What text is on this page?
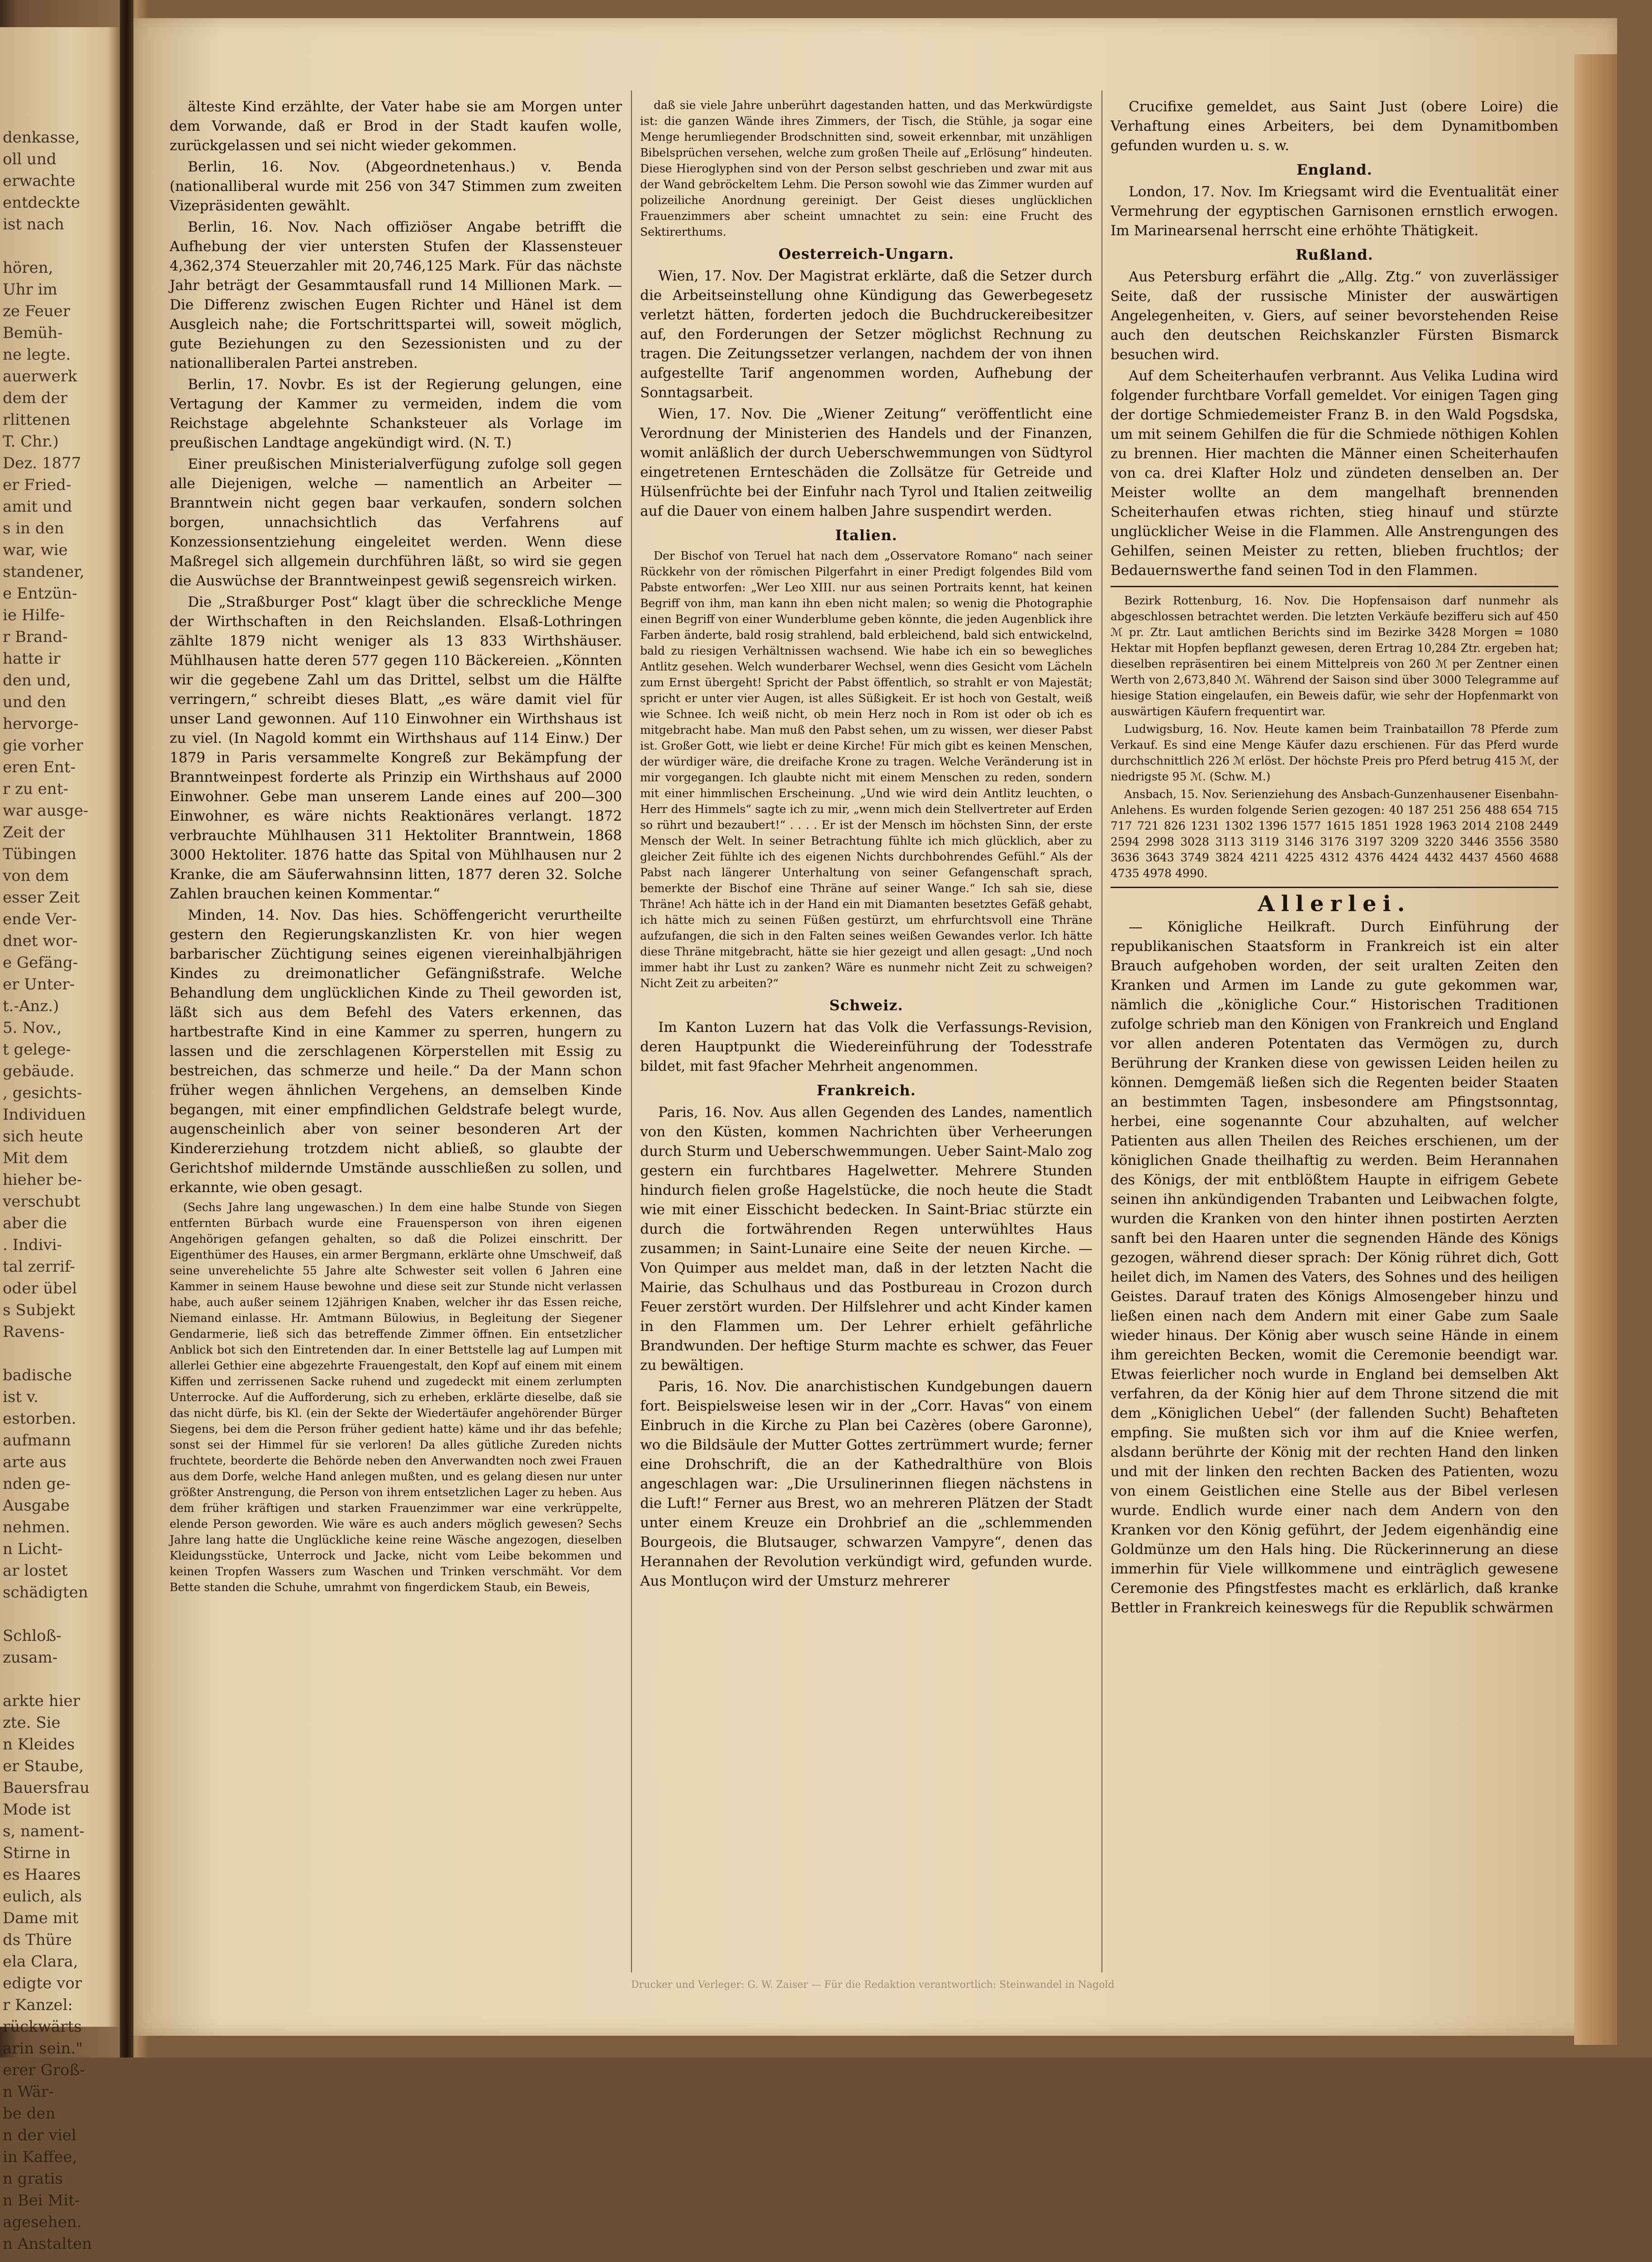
denkasse,
oll und
erwachte
entdeckte
ist nach

hören,
Uhr im
ze Feuer
Bemüh-
ne legte.
auerwerk
dem der
rlittenen
T. Chr.)
Dez. 1877
er Fried-
amit und
s in den
war, wie
standener,
e Entzün-
ie Hilfe-
r Brand-
hatte ir
den und,
und den
hervorge-
gie vorher
eren Ent-
r zu ent-
war ausge-
Zeit der
Tübingen
von dem
esser Zeit
ende Ver-
dnet wor-
e Gefäng-
er Unter-
t.-Anz.)
5. Nov.,
t gelege-
gebäude.
, gesichts-
Individuen
sich heute
Mit dem
hieher be-
verschubt
aber die
. Indivi-
tal zerrif-
oder übel
s Subjekt
Ravens-

badische
ist v.
estorben.
aufmann
arte aus
nden ge-
Ausgabe
nehmen.
n Licht-
ar lostet
schädigten

Schloß-
zusam-

arkte hier
zte. Sie
n Kleides
er Staube,
Bauersfrau
Mode ist
s, nament-
Stirne in
es Haares
eulich, als
Dame mit
ds Thüre
ela Clara,
edigte vor
r Kanzel:
rückwärts
arin sein."
erer Groß-
n Wär-
be den
n der viel
in Kaffee,
n gratis
n Bei Mit-
agesehen.
n Anstalten

älteste Kind erzählte, der Vater habe sie am Morgen unter dem Vorwande, daß er Brod in der Stadt kaufen wolle, zurückgelassen und sei nicht wieder gekommen.

Berlin, 16. Nov. (Abgeordnetenhaus.) v. Benda (nationalliberal wurde mit 256 von 347 Stimmen zum zweiten Vizepräsidenten gewählt.

Berlin, 16. Nov. Nach offiziöser Angabe betrifft die Aufhebung der vier untersten Stufen der Klassensteuer 4,362,374 Steuerzahler mit 20,746,125 Mark. Für das nächste Jahr beträgt der Gesammtausfall rund 14 Millionen Mark. — Die Differenz zwischen Eugen Richter und Hänel ist dem Ausgleich nahe; die Fortschrittspartei will, soweit möglich, gute Beziehungen zu den Sezessionisten und zu der nationalliberalen Partei anstreben.

Berlin, 17. Novbr. Es ist der Regierung gelungen, eine Vertagung der Kammer zu vermeiden, indem die vom Reichstage abgelehnte Schanksteuer als Vorlage im preußischen Landtage angekündigt wird. (N. T.)

Einer preußischen Ministerialverfügung zufolge soll gegen alle Diejenigen, welche — namentlich an Arbeiter — Branntwein nicht gegen baar verkaufen, sondern solchen borgen, unnachsichtlich das Verfahrens auf Konzessionsentziehung eingeleitet werden. Wenn diese Maßregel sich allgemein durchführen läßt, so wird sie gegen die Auswüchse der Branntweinpest gewiß segensreich wirken.

Die „Straßburger Post“ klagt über die schreckliche Menge der Wirthschaften in den Reichslanden. Elsaß-Lothringen zählte 1879 nicht weniger als 13 833 Wirthshäuser. Mühlhausen hatte deren 577 gegen 110 Bäckereien. „Könnten wir die gegebene Zahl um das Drittel, selbst um die Hälfte verringern,“ schreibt dieses Blatt, „es wäre damit viel für unser Land gewonnen. Auf 110 Einwohner ein Wirthshaus ist zu viel. (In Nagold kommt ein Wirthshaus auf 114 Einw.) Der 1879 in Paris versammelte Kongreß zur Bekämpfung der Branntweinpest forderte als Prinzip ein Wirthshaus auf 2000 Einwohner. Gebe man unserem Lande eines auf 200—300 Einwohner, es wäre nichts Reaktionäres verlangt. 1872 verbrauchte Mühlhausen 311 Hektoliter Branntwein, 1868 3000 Hektoliter. 1876 hatte das Spital von Mühlhausen nur 2 Kranke, die am Säuferwahnsinn litten, 1877 deren 32. Solche Zahlen brauchen keinen Kommentar.“

Minden, 14. Nov. Das hies. Schöffengericht verurtheilte gestern den Regierungskanzlisten Kr. von hier wegen barbarischer Züchtigung seines eigenen viereinhalbjährigen Kindes zu dreimonatlicher Gefängnißstrafe. Welche Behandlung dem unglücklichen Kinde zu Theil geworden ist, läßt sich aus dem Befehl des Vaters erkennen, das hartbestrafte Kind in eine Kammer zu sperren, hungern zu lassen und die zerschlagenen Körperstellen mit Essig zu bestreichen, das schmerze und heile.“ Da der Mann schon früher wegen ähnlichen Vergehens, an demselben Kinde begangen, mit einer empfindlichen Geldstrafe belegt wurde, augenscheinlich aber von seiner besonderen Art der Kindererziehung trotzdem nicht abließ, so glaubte der Gerichtshof mildernde Umstände ausschließen zu sollen, und erkannte, wie oben gesagt.

(Sechs Jahre lang ungewaschen.) In dem eine halbe Stunde von Siegen entfernten Bürbach wurde eine Frauensperson von ihren eigenen Angehörigen gefangen gehalten, so daß die Polizei einschritt. Der Eigenthümer des Hauses, ein armer Bergmann, erklärte ohne Umschweif, daß seine unverehelichte 55 Jahre alte Schwester seit vollen 6 Jahren eine Kammer in seinem Hause bewohne und diese seit zur Stunde nicht verlassen habe, auch außer seinem 12jährigen Knaben, welcher ihr das Essen reiche, Niemand einlasse. Hr. Amtmann Bülowius, in Begleitung der Siegener Gendarmerie, ließ sich das betreffende Zimmer öffnen. Ein entsetzlicher Anblick bot sich den Eintretenden dar. In einer Bettstelle lag auf Lumpen mit allerlei Gethier eine abgezehrte Frauengestalt, den Kopf auf einem mit einem Kiffen und zerrissenen Sacke ruhend und zugedeckt mit einem zerlumpten Unterrocke. Auf die Aufforderung, sich zu erheben, erklärte dieselbe, daß sie das nicht dürfe, bis Kl. (ein der Sekte der Wiedertäufer angehörender Bürger Siegens, bei dem die Person früher gedient hatte) käme und ihr das befehle; sonst sei der Himmel für sie verloren! Da alles gütliche Zureden nichts fruchtete, beorderte die Behörde neben den Anverwandten noch zwei Frauen aus dem Dorfe, welche Hand anlegen mußten, und es gelang diesen nur unter größter Anstrengung, die Person von ihrem entsetzlichen Lager zu heben. Aus dem früher kräftigen und starken Frauenzimmer war eine verkrüppelte, elende Person geworden. Wie wäre es auch anders möglich gewesen? Sechs Jahre lang hatte die Unglückliche keine reine Wäsche angezogen, dieselben Kleidungsstücke, Unterrock und Jacke, nicht vom Leibe bekommen und keinen Tropfen Wassers zum Waschen und Trinken verschmäht. Vor dem Bette standen die Schuhe, umrahmt von fingerdickem Staub, ein Beweis,

daß sie viele Jahre unberührt dagestanden hatten, und das Merkwürdigste ist: die ganzen Wände ihres Zimmers, der Tisch, die Stühle, ja sogar eine Menge herumliegender Brodschnitten sind, soweit erkennbar, mit unzähligen Bibelsprüchen versehen, welche zum großen Theile auf „Erlösung“ hindeuten. Diese Hieroglyphen sind von der Person selbst geschrieben und zwar mit aus der Wand gebröckeltem Lehm. Die Person sowohl wie das Zimmer wurden auf polizeiliche Anordnung gereinigt. Der Geist dieses unglücklichen Frauenzimmers aber scheint umnachtet zu sein: eine Frucht des Sektirerthums.

Oesterreich-Ungarn.

Wien, 17. Nov. Der Magistrat erklärte, daß die Setzer durch die Arbeitseinstellung ohne Kündigung das Gewerbegesetz verletzt hätten, forderten jedoch die Buchdruckereibesitzer auf, den Forderungen der Setzer möglichst Rechnung zu tragen. Die Zeitungssetzer verlangen, nachdem der von ihnen aufgestellte Tarif angenommen worden, Aufhebung der Sonntagsarbeit.

Wien, 17. Nov. Die „Wiener Zeitung“ veröffentlicht eine Verordnung der Ministerien des Handels und der Finanzen, womit anläßlich der durch Ueberschwemmungen von Südtyrol eingetretenen Ernteschäden die Zollsätze für Getreide und Hülsenfrüchte bei der Einfuhr nach Tyrol und Italien zeitweilig auf die Dauer von einem halben Jahre suspendirt werden.

Italien.

Der Bischof von Teruel hat nach dem „Osservatore Romano“ nach seiner Rückkehr von der römischen Pilgerfahrt in einer Predigt folgendes Bild vom Pabste entworfen: „Wer Leo XIII. nur aus seinen Portraits kennt, hat keinen Begriff von ihm, man kann ihn eben nicht malen; so wenig die Photographie einen Begriff von einer Wunderblume geben könnte, die jeden Augenblick ihre Farben änderte, bald rosig strahlend, bald erbleichend, bald sich entwickelnd, bald zu riesigen Verhältnissen wachsend. Wie habe ich ein so bewegliches Antlitz gesehen. Welch wunderbarer Wechsel, wenn dies Gesicht vom Lächeln zum Ernst übergeht! Spricht der Pabst öffentlich, so strahlt er von Majestät; spricht er unter vier Augen, ist alles Süßigkeit. Er ist hoch von Gestalt, weiß wie Schnee. Ich weiß nicht, ob mein Herz noch in Rom ist oder ob ich es mitgebracht habe. Man muß den Pabst sehen, um zu wissen, wer dieser Pabst ist. Großer Gott, wie liebt er deine Kirche! Für mich gibt es keinen Menschen, der würdiger wäre, die dreifache Krone zu tragen. Welche Veränderung ist in mir vorgegangen. Ich glaubte nicht mit einem Menschen zu reden, sondern mit einer himmlischen Erscheinung. „Und wie wird dein Antlitz leuchten, o Herr des Himmels“ sagte ich zu mir, „wenn mich dein Stellvertreter auf Erden so rührt und bezaubert!“ . . . . Er ist der Mensch im höchsten Sinn, der erste Mensch der Welt. In seiner Betrachtung fühlte ich mich glücklich, aber zu gleicher Zeit fühlte ich des eigenen Nichts durchbohrendes Gefühl.“ Als der Pabst nach längerer Unterhaltung von seiner Gefangenschaft sprach, bemerkte der Bischof eine Thräne auf seiner Wange.“ Ich sah sie, diese Thräne! Ach hätte ich in der Hand ein mit Diamanten besetztes Gefäß gehabt, ich hätte mich zu seinen Füßen gestürzt, um ehrfurchtsvoll eine Thräne aufzufangen, die sich in den Falten seines weißen Gewandes verlor. Ich hätte diese Thräne mitgebracht, hätte sie hier gezeigt und allen gesagt: „Und noch immer habt ihr Lust zu zanken? Wäre es nunmehr nicht Zeit zu schweigen? Nicht Zeit zu arbeiten?“

Schweiz.

Im Kanton Luzern hat das Volk die Verfassungs-Revision, deren Hauptpunkt die Wiedereinführung der Todesstrafe bildet, mit fast 9facher Mehrheit angenommen.

Frankreich.

Paris, 16. Nov. Aus allen Gegenden des Landes, namentlich von den Küsten, kommen Nachrichten über Verheerungen durch Sturm und Ueberschwemmungen. Ueber Saint-Malo zog gestern ein furchtbares Hagelwetter. Mehrere Stunden hindurch fielen große Hagelstücke, die noch heute die Stadt wie mit einer Eisschicht bedecken. In Saint-Briac stürzte ein durch die fortwährenden Regen unterwühltes Haus zusammen; in Saint-Lunaire eine Seite der neuen Kirche. — Von Quimper aus meldet man, daß in der letzten Nacht die Mairie, das Schulhaus und das Postbureau in Crozon durch Feuer zerstört wurden. Der Hilfslehrer und acht Kinder kamen in den Flammen um. Der Lehrer erhielt gefährliche Brandwunden. Der heftige Sturm machte es schwer, das Feuer zu bewältigen.

Paris, 16. Nov. Die anarchistischen Kundgebungen dauern fort. Beispielsweise lesen wir in der „Corr. Havas“ von einem Einbruch in die Kirche zu Plan bei Cazères (obere Garonne), wo die Bildsäule der Mutter Gottes zertrümmert wurde; ferner eine Drohschrift, die an der Kathedralthüre von Blois angeschlagen war: „Die Ursulinerinnen fliegen nächstens in die Luft!“ Ferner aus Brest, wo an mehreren Plätzen der Stadt unter einem Kreuze ein Drohbrief an die „schlemmenden Bourgeois, die Blutsauger, schwarzen Vampyre“, denen das Herannahen der Revolution verkündigt wird, gefunden wurde. Aus Montluçon wird der Umsturz mehrerer

Crucifixe gemeldet, aus Saint Just (obere Loire) die Verhaftung eines Arbeiters, bei dem Dynamitbomben gefunden wurden u. s. w.

England.

London, 17. Nov. Im Kriegsamt wird die Eventualität einer Vermehrung der egyptischen Garnisonen ernstlich erwogen. Im Marinearsenal herrscht eine erhöhte Thätigkeit.

Rußland.

Aus Petersburg erfährt die „Allg. Ztg.“ von zuverlässiger Seite, daß der russische Minister der auswärtigen Angelegenheiten, v. Giers, auf seiner bevorstehenden Reise auch den deutschen Reichskanzler Fürsten Bismarck besuchen wird.

Auf dem Scheiterhaufen verbrannt. Aus Velika Ludina wird folgender furchtbare Vorfall gemeldet. Vor einigen Tagen ging der dortige Schmiedemeister Franz B. in den Wald Pogsdska, um mit seinem Gehilfen die für die Schmiede nöthigen Kohlen zu brennen. Hier machten die Männer einen Scheiterhaufen von ca. drei Klafter Holz und zündeten denselben an. Der Meister wollte an dem mangelhaft brennenden Scheiterhaufen etwas richten, stieg hinauf und stürzte unglücklicher Weise in die Flammen. Alle Anstrengungen des Gehilfen, seinen Meister zu retten, blieben fruchtlos; der Bedauernswerthe fand seinen Tod in den Flammen.

Bezirk Rottenburg, 16. Nov. Die Hopfensaison darf nunmehr als abgeschlossen betrachtet werden. Die letzten Verkäufe bezifferu sich auf 450 ℳ pr. Ztr. Laut amtlichen Berichts sind im Bezirke 3428 Morgen = 1080 Hektar mit Hopfen bepflanzt gewesen, deren Ertrag 10,284 Ztr. ergeben hat; dieselben repräsentiren bei einem Mittelpreis von 260 ℳ per Zentner einen Werth von 2,673,840 ℳ. Während der Saison sind über 3000 Telegramme auf hiesige Station eingelaufen, ein Beweis dafür, wie sehr der Hopfenmarkt von auswärtigen Käufern frequentirt war.

Ludwigsburg, 16. Nov. Heute kamen beim Trainbataillon 78 Pferde zum Verkauf. Es sind eine Menge Käufer dazu erschienen. Für das Pferd wurde durchschnittlich 226 ℳ erlöst. Der höchste Preis pro Pferd betrug 415 ℳ, der niedrigste 95 ℳ. (Schw. M.)

Ansbach, 15. Nov. Serienziehung des Ansbach-Gunzenhausener Eisenbahn-Anlehens. Es wurden folgende Serien gezogen: 40 187 251 256 488 654 715 717 721 826 1231 1302 1396 1577 1615 1851 1928 1963 2014 2108 2449 2594 2998 3028 3113 3119 3146 3176 3197 3209 3220 3446 3556 3580 3636 3643 3749 3824 4211 4225 4312 4376 4424 4432 4437 4560 4688 4735 4978 4990.

Allerlei.

— Königliche Heilkraft. Durch Einführung der republikanischen Staatsform in Frankreich ist ein alter Brauch aufgehoben worden, der seit uralten Zeiten den Kranken und Armen im Lande zu gute gekommen war, nämlich die „königliche Cour.“ Historischen Traditionen zufolge schrieb man den Königen von Frankreich und England vor allen anderen Potentaten das Vermögen zu, durch Berührung der Kranken diese von gewissen Leiden heilen zu können. Demgemäß ließen sich die Regenten beider Staaten an bestimmten Tagen, insbesondere am Pfingstsonntag, herbei, eine sogenannte Cour abzuhalten, auf welcher Patienten aus allen Theilen des Reiches erschienen, um der königlichen Gnade theilhaftig zu werden. Beim Herannahen des Königs, der mit entblößtem Haupte in eifrigem Gebete seinen ihn ankündigenden Trabanten und Leibwachen folgte, wurden die Kranken von den hinter ihnen postirten Aerzten sanft bei den Haaren unter die segnenden Hände des Königs gezogen, während dieser sprach: Der König rühret dich, Gott heilet dich, im Namen des Vaters, des Sohnes und des heiligen Geistes. Darauf traten des Königs Almosengeber hinzu und ließen einen nach dem Andern mit einer Gabe zum Saale wieder hinaus. Der König aber wusch seine Hände in einem ihm gereichten Becken, womit die Ceremonie beendigt war. Etwas feierlicher noch wurde in England bei demselben Akt verfahren, da der König hier auf dem Throne sitzend die mit dem „Königlichen Uebel“ (der fallenden Sucht) Behafteten empfing. Sie mußten sich vor ihm auf die Kniee werfen, alsdann berührte der König mit der rechten Hand den linken und mit der linken den rechten Backen des Patienten, wozu von einem Geistlichen eine Stelle aus der Bibel verlesen wurde. Endlich wurde einer nach dem Andern von den Kranken vor den König geführt, der Jedem eigenhändig eine Goldmünze um den Hals hing. Die Rückerinnerung an diese immerhin für Viele willkommene und einträglich gewesene Ceremonie des Pfingstfestes macht es erklärlich, daß kranke Bettler in Frankreich keineswegs für die Republik schwärmen

Drucker und Verleger: G. W. Zaiser — Für die Redaktion verantwortlich: Steinwandel in Nagold
